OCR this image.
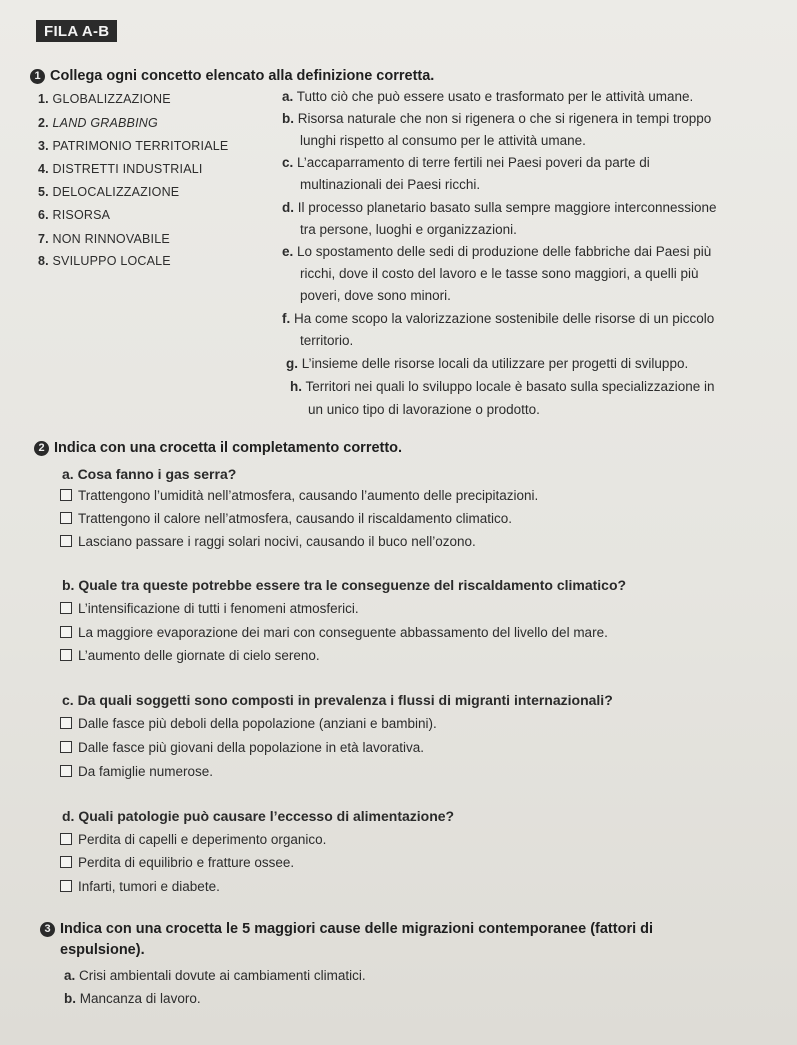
FILA A-B
1 Collega ogni concetto elencato alla definizione corretta.
1. GLOBALIZZAZIONE
2. LAND GRABBING
3. PATRIMONIO TERRITORIALE
4. DISTRETTI INDUSTRIALI
5. DELOCALIZZAZIONE
6. RISORSA
7. NON RINNOVABILE
8. SVILUPPO LOCALE
a. Tutto ciò che può essere usato e trasformato per le attività umane.
b. Risorsa naturale che non si rigenera o che si rigenera in tempi troppo
lunghi rispetto al consumo per le attività umane.
c. L’accaparramento di terre fertili nei Paesi poveri da parte di
multinazionali dei Paesi ricchi.
d. Il processo planetario basato sulla sempre maggiore interconnessione
tra persone, luoghi e organizzazioni.
e. Lo spostamento delle sedi di produzione delle fabbriche dai Paesi più
ricchi, dove il costo del lavoro e le tasse sono maggiori, a quelli più
poveri, dove sono minori.
f. Ha come scopo la valorizzazione sostenibile delle risorse di un piccolo
territorio.
g. L’insieme delle risorse locali da utilizzare per progetti di sviluppo.
h. Territori nei quali lo sviluppo locale è basato sulla specializzazione in
un unico tipo di lavorazione o prodotto.
2 Indica con una crocetta il completamento corretto.
a. Cosa fanno i gas serra?
Trattengono l’umidità nell’atmosfera, causando l’aumento delle precipitazioni.
Trattengono il calore nell’atmosfera, causando il riscaldamento climatico.
Lasciano passare i raggi solari nocivi, causando il buco nell’ozono.
b. Quale tra queste potrebbe essere tra le conseguenze del riscaldamento climatico?
L’intensificazione di tutti i fenomeni atmosferici.
La maggiore evaporazione dei mari con conseguente abbassamento del livello del mare.
L’aumento delle giornate di cielo sereno.
c. Da quali soggetti sono composti in prevalenza i flussi di migranti internazionali?
Dalle fasce più deboli della popolazione (anziani e bambini).
Dalle fasce più giovani della popolazione in età lavorativa.
Da famiglie numerose.
d. Quali patologie può causare l’eccesso di alimentazione?
Perdita di capelli e deperimento organico.
Perdita di equilibrio e fratture ossee.
Infarti, tumori e diabete.
3 Indica con una crocetta le 5 maggiori cause delle migrazioni contemporanee (fattori di
espulsione).
a. Crisi ambientali dovute ai cambiamenti climatici.
b. Mancanza di lavoro.
